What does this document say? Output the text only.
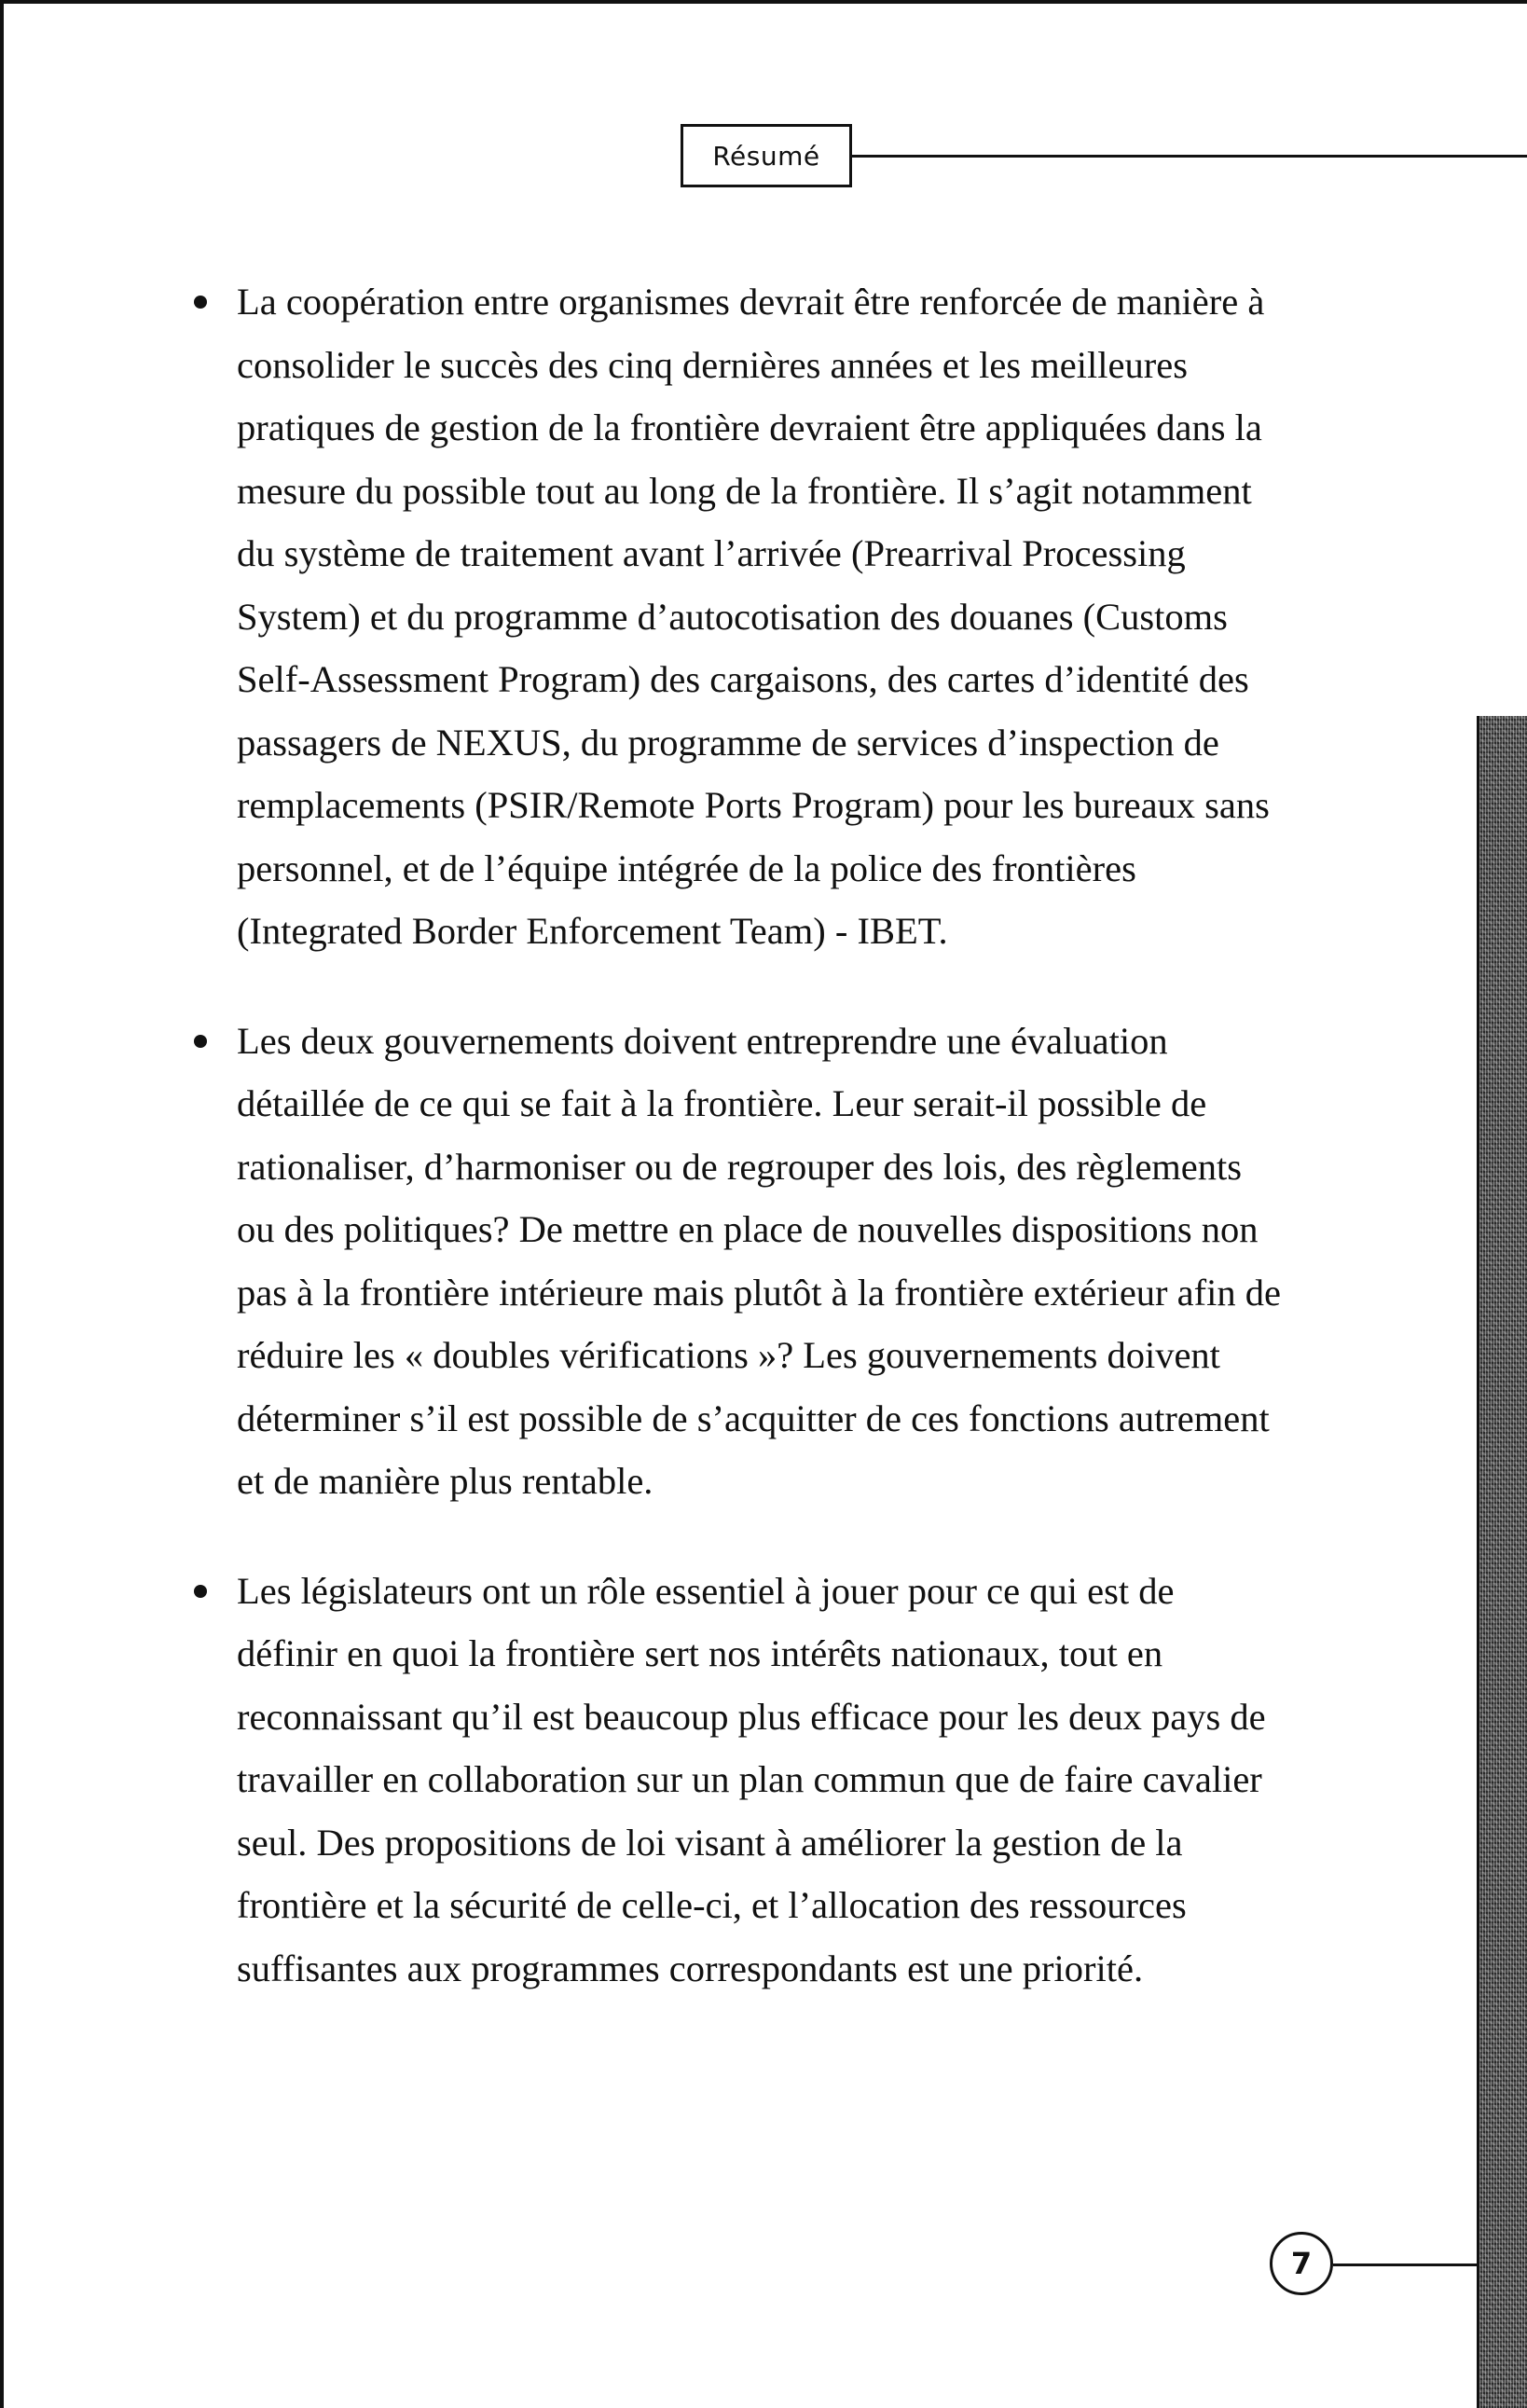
Résumé
La coopération entre organismes devrait être renforcée de manière à consolider le succès des cinq dernières années et les meilleures pratiques de gestion de la frontière devraient être appliquées dans la mesure du possible tout au long de la frontière. Il s’agit notamment du système de traitement avant l’arrivée (Prearrival Processing System) et du programme d’autocotisation des douanes (Customs Self-Assessment Program) des cargaisons, des cartes d’identité des passagers de NEXUS, du programme de services d’inspection de remplacements (PSIR/Remote Ports Program) pour les bureaux sans personnel, et de l’équipe intégrée de la police des frontières (Integrated Border Enforcement Team) - IBET.
Les deux gouvernements doivent entreprendre une évaluation détaillée de ce qui se fait à la frontière. Leur serait-il possible de rationaliser, d’harmoniser ou de regrouper des lois, des règlements ou des politiques? De mettre en place de nouvelles dispositions non pas à la frontière intérieure mais plutôt à la frontière extérieur afin de réduire les « doubles vérifications »? Les gouvernements doivent déterminer s’il est possible de s’acquitter de ces fonctions autrement et de manière plus rentable.
Les législateurs ont un rôle essentiel à jouer pour ce qui est de définir en quoi la frontière sert nos intérêts nationaux, tout en reconnaissant qu’il est beaucoup plus efficace pour les deux pays de travailler en collaboration sur un plan commun que de faire cavalier seul. Des propositions de loi visant à améliorer la gestion de la frontière et la sécurité de celle-ci, et l’allocation des ressources suffisantes aux programmes correspondants est une priorité.
7
